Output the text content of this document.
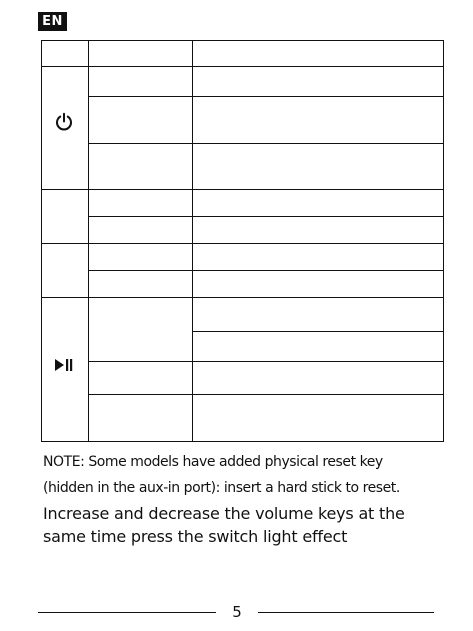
EN
NOTE: Some models have added physical reset key
(hidden in the aux-in port): insert a hard stick to reset.
Increase and decrease the volume keys at the
same time press the switch light effect
5
